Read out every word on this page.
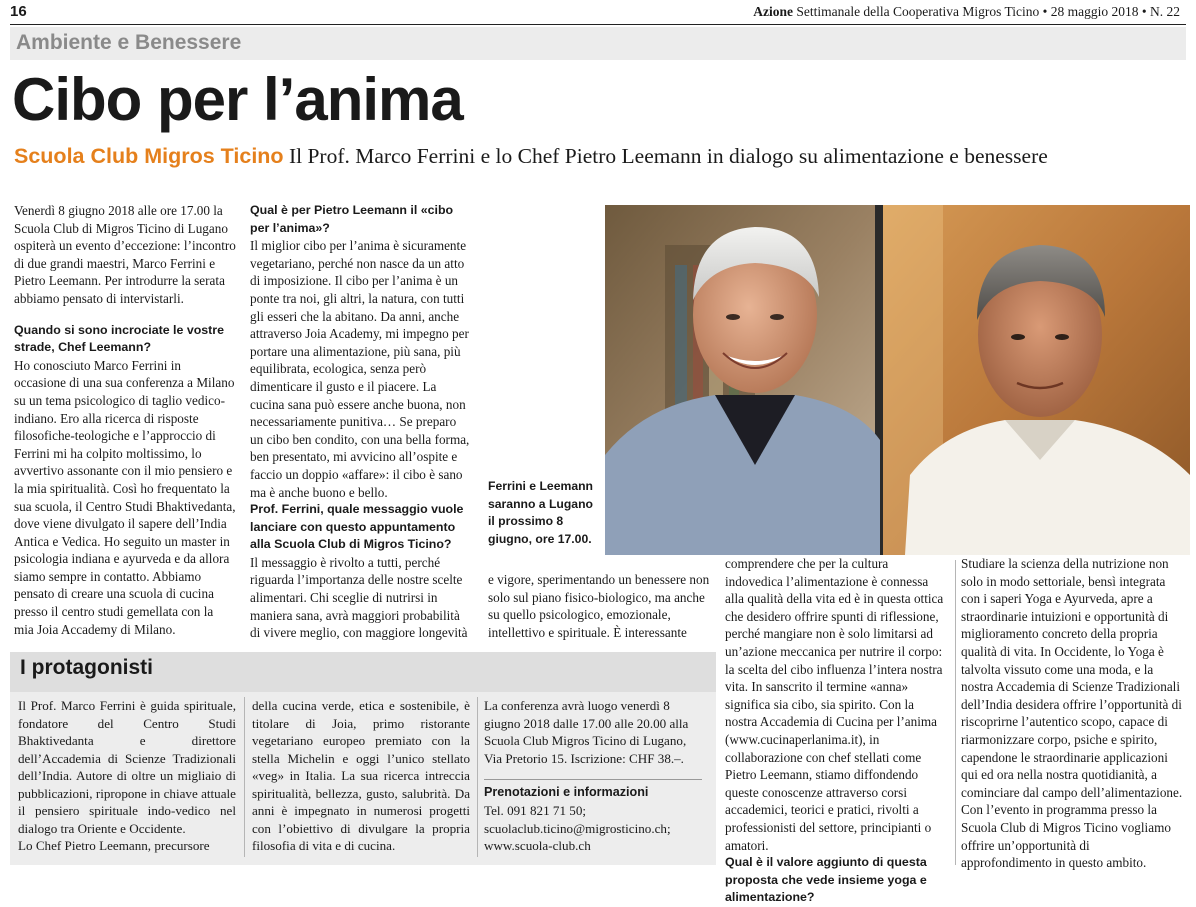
16	Azione Settimanale della Cooperativa Migros Ticino • 28 maggio 2018 • N. 22
Ambiente e Benessere
Cibo per l’anima
Scuola Club Migros Ticino Il Prof. Marco Ferrini e lo Chef Pietro Leemann in dialogo su alimentazione e benessere

Venerdì 8 giugno 2018 alle ore 17.00 la Scuola Club di Migros Ticino di Lugano ospiterà un evento d’eccezione: l’incontro di due grandi maestri, Marco Ferrini e Pietro Leemann. Per introdurre la serata abbiamo pensato di intervistarli.

Quando si sono incrociate le vostre strade, Chef Leemann?

Ho conosciuto Marco Ferrini in occasione di una sua conferenza a Milano su un tema psicologico di taglio vedico-indiano. Ero alla ricerca di risposte filosofiche-teologiche e l’approccio di Ferrini mi ha colpito moltissimo, lo avvertivo assonante con il mio pensiero e la mia spiritualità. Così ho frequentato la sua scuola, il Centro Studi Bhaktivedanta, dove viene divulgato il sapere dell’India Antica e Vedica. Ho seguito un master in psicologia indiana e ayurveda e da allora siamo sempre in contatto. Abbiamo pensato di creare una scuola di cucina presso il centro studi gemellata con la mia Joia Accademy di Milano.

Qual è per Pietro Leemann il «cibo per l’anima»?

Il miglior cibo per l’anima è sicuramente vegetariano, perché non nasce da un atto di imposizione. Il cibo per l’anima è un ponte tra noi, gli altri, la natura, con tutti gli esseri che la abitano. Da anni, anche attraverso Joia Academy, mi impegno per portare una alimentazione, più sana, più equilibrata, ecologica, senza però dimenticare il gusto e il piacere. La cucina sana può essere anche buona, non necessariamente punitiva… Se preparo un cibo ben condito, con una bella forma, ben presentato, mi avvicino all’ospite e faccio un doppio «affare»: il cibo è sano ma è anche buono e bello.

Prof. Ferrini, quale messaggio vuole lanciare con questo appuntamento alla Scuola Club di Migros Ticino?

Il messaggio è rivolto a tutti, perché riguarda l’importanza delle nostre scelte alimentari. Chi sceglie di nutrirsi in maniera sana, avrà maggiori probabilità di vivere meglio, con maggiore longevità

e vigore, sperimentando un benessere non solo sul piano fisico-biologico, ma anche su quello psicologico, emozionale, intellettivo e spirituale. È interessante

Ferrini e Leemann saranno a Lugano il prossimo 8 giugno, ore 17.00.

comprendere che per la cultura indovedica l’alimentazione è connessa alla qualità della vita ed è in questa ottica che desidero offrire spunti di riflessione, perché mangiare non è solo limitarsi ad un’azione meccanica per nutrire il corpo: la scelta del cibo influenza l’intera nostra vita. In sanscrito il termine «anna» significa sia cibo, sia spirito. Con la nostra Accademia di Cucina per l’anima (www.cucinaperlanima.it), in collaborazione con chef stellati come Pietro Leemann, stiamo diffondendo queste conoscenze attraverso corsi accademici, teorici e pratici, rivolti a professionisti del settore, principianti o amatori.

Qual è il valore aggiunto di questa proposta che vede insieme yoga e alimentazione?

Studiare la scienza della nutrizione non solo in modo settoriale, bensì integrata con i saperi Yoga e Ayurveda, apre a straordinarie intuizioni e opportunità di miglioramento concreto della propria qualità di vita. In Occidente, lo Yoga è talvolta vissuto come una moda, e la nostra Accademia di Scienze Tradizionali dell’India desidera offrire l’opportunità di riscoprirne l’autentico scopo, capace di riarmonizzare corpo, psiche e spirito, capendone le straordinarie applicazioni qui ed ora nella nostra quotidianità, a cominciare dal campo dell’alimentazione. Con l’evento in programma presso la Scuola Club di Migros Ticino vogliamo offrire un’opportunità di approfondimento in questo ambito.

I protagonisti
Il Prof. Marco Ferrini è guida spirituale, fondatore del Centro Studi Bhaktivedanta e direttore dell’Accademia di Scienze Tradizionali dell’India. Autore di oltre un migliaio di pubblicazioni, ripropone in chiave attuale il pensiero spirituale indo-vedico nel dialogo tra Oriente e Occidente.
Lo Chef Pietro Leemann, precursore
della cucina verde, etica e sostenibile, è titolare di Joia, primo ristorante vegetariano europeo premiato con la stella Michelin e oggi l’unico stellato «veg» in Italia. La sua ricerca intreccia spiritualità, bellezza, gusto, salubrità. Da anni è impegnato in numerosi progetti con l’obiettivo di divulgare la propria filosofia di vita e di cucina.
La conferenza avrà luogo venerdì 8 giugno 2018 dalle 17.00 alle 20.00 alla Scuola Club Migros Ticino di Lugano, Via Pretorio 15. Iscrizione: CHF 38.–.
Prenotazioni e informazioni
Tel. 091 821 71 50; scuolaclub.ticino@migrosticino.ch; www.scuola-club.ch
